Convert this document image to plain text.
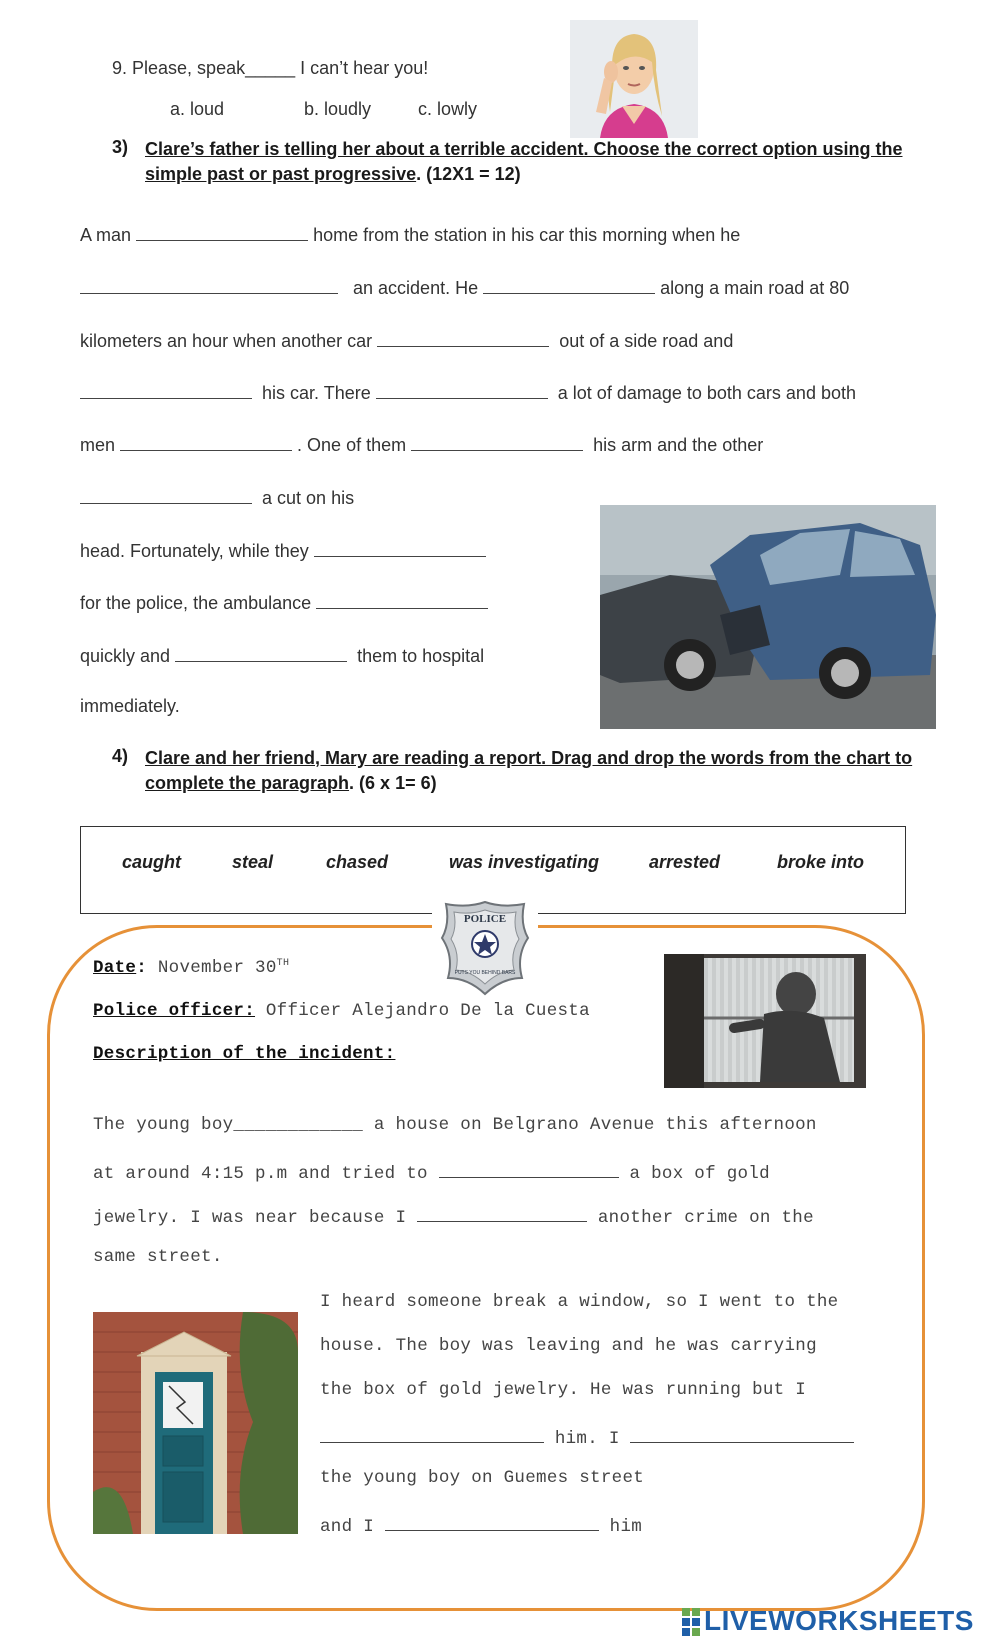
9. Please, speak_____ I can’t hear you!
a. loud	b. loudly	c. lowly
3) Clare’s father is telling her about a terrible accident. Choose the correct option using the simple past or past progressive. (12X1 = 12)
A man	home from the station in his car this morning when he
an accident. He	along a main road at 80
kilometers an hour when another car	out of a side road and
his car. There	a lot of damage to both cars and both
men	. One of them	his arm and the other
a cut on his
head. Fortunately, while they
for the police, the ambulance
quickly and	them to hospital
immediately.
4) Clare and her friend, Mary are reading a report. Drag and drop the words from the chart to complete the paragraph. (6 x 1= 6)
caught	steal	chased	was investigating	arrested	broke into
POLICE
PUTS YOU BEHIND BARS
Date: November 30TH
Police officer: Officer Alejandro De la Cuesta
Description of the incident:
The young boy____________ a house on Belgrano Avenue this afternoon
at around 4:15 p.m and tried to	a box of gold
jewelry. I was near because I	another crime on the
same street.
I heard someone break a window, so I went to the
house. The boy was leaving and he was carrying
the box of gold jewelry. He was running but I
him. I
the young boy on Guemes street
and I	him
LIVEWORKSHEETS
